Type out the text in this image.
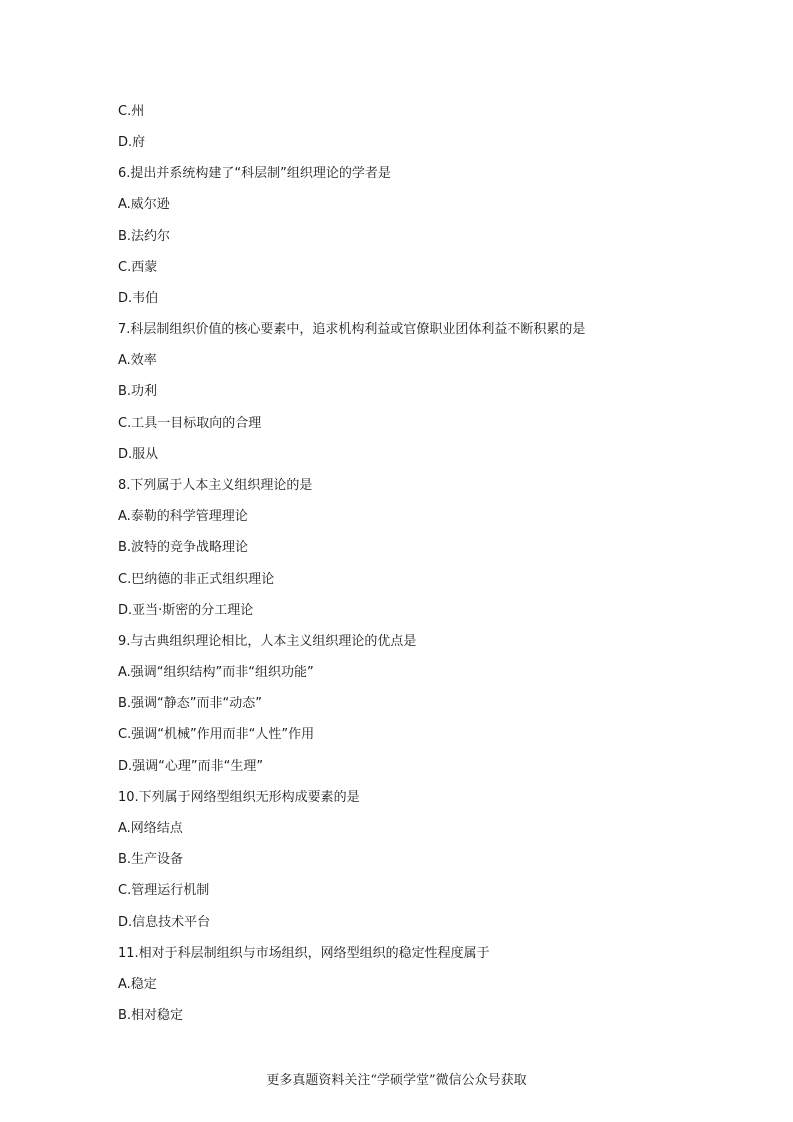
C.州
D.府
6.提出并系统构建了“科层制”组织理论的学者是
A.威尔逊
B.法约尔
C.西蒙
D.韦伯
7.科层制组织价值的核心要素中，追求机构利益或官僚职业团体利益不断积累的是
A.效率
B.功利
C.工具一目标取向的合理
D.服从
8.下列属于人本主义组织理论的是
A.泰勒的科学管理理论
B.波特的竞争战略理论
C.巴纳德的非正式组织理论
D.亚当·斯密的分工理论
9.与古典组织理论相比，人本主义组织理论的优点是
A.强调“组织结构”而非“组织功能”
B.强调“静态”而非“动态”
C.强调“机械”作用而非“人性”作用
D.强调“心理”而非“生理”
10.下列属于网络型组织无形构成要素的是
A.网络结点
B.生产设备
C.管理运行机制
D.信息技术平台
11.相对于科层制组织与市场组织，网络型组织的稳定性程度属于
A.稳定
B.相对稳定
更多真题资料关注“学硕学堂”微信公众号获取
